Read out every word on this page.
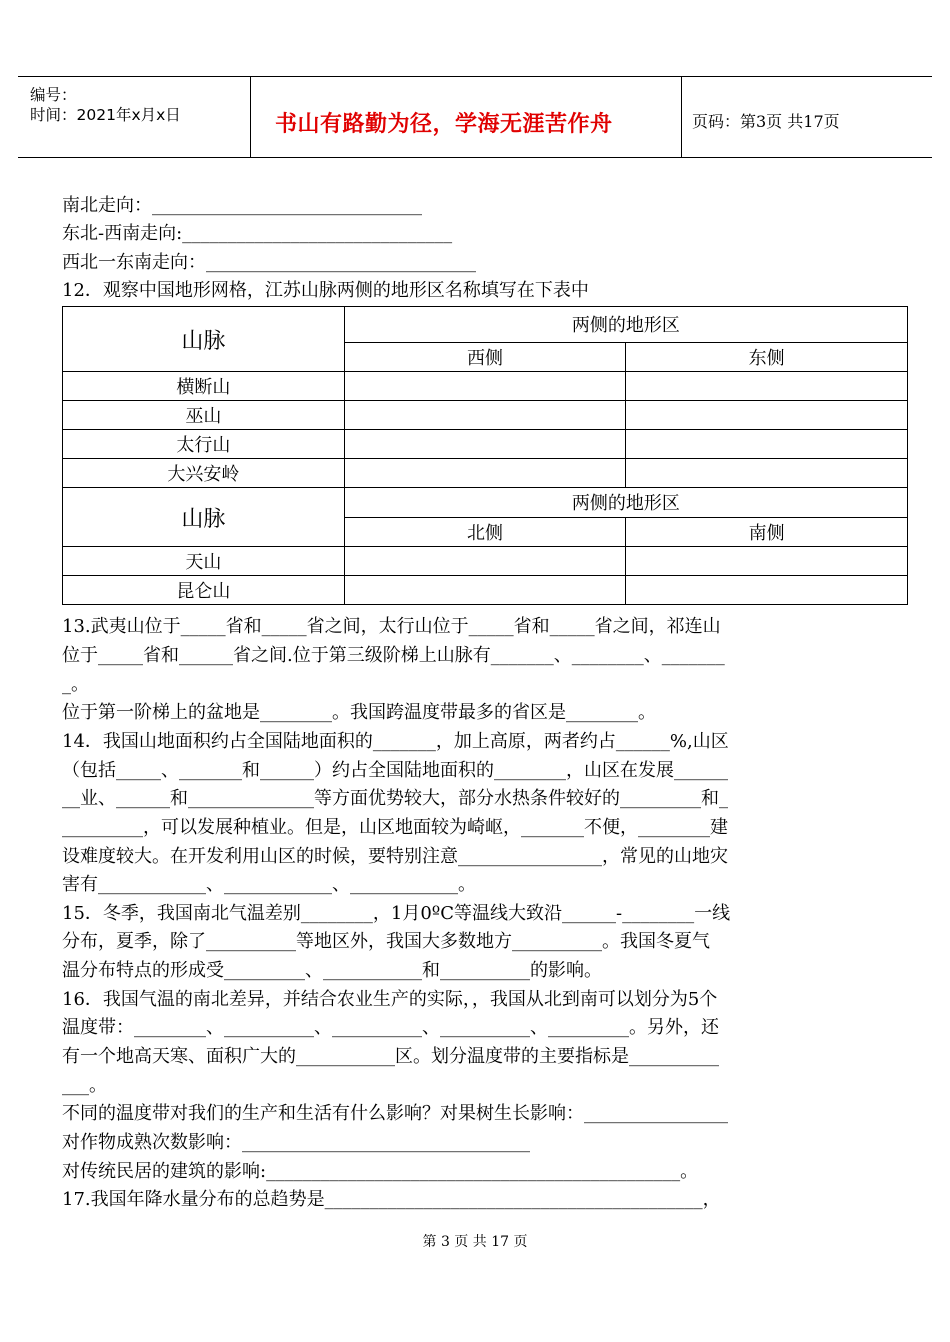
编号：
时间：2021年x月x日	书山有路勤为径，学海无涯苦作舟	页码：第3页 共17页
南北走向：______________________________
东北-西南走向:______________________________
西北一东南走向：______________________________
12．观察中国地形网格，江苏山脉两侧的地形区名称填写在下表中
山脉	两侧的地形区	
	西侧	东侧
横断山		
巫山		
太行山		
大兴安岭		
山脉	两侧的地形区	
	北侧	南侧
天山		
昆仑山		
13.武夷山位于_____省和_____省之间，太行山位于_____省和_____省之间，祁连山
位于_____省和______省之间.位于第三级阶梯上山脉有_______、________、_______
_。
位于第一阶梯上的盆地是________。我国跨温度带最多的省区是________。
14．我国山地面积约占全国陆地面积的_______，加上高原，两者约占______%,山区
（包括_____、_______和______）约占全国陆地面积的________，山区在发展______
__业、______和______________等方面优势较大，部分水热条件较好的_________和_
_________，可以发展种植业。但是，山区地面较为崎岖，_______不便，________建
设难度较大。在开发利用山区的时候，要特别注意________________，常见的山地灾
害有____________、____________、____________。
15．冬季，我国南北气温差别________，1月0ºC等温线大致沿______-________一线
分布，夏季，除了__________等地区外，我国大多数地方__________。我国冬夏气
温分布特点的形成受_________、___________和__________的影响。
16．我国气温的南北差异，并结合农业生产的实际，，我国从北到南可以划分为5个
温度带：________、__________、__________、__________、_________。另外，还
有一个地高天寒、面积广大的___________区。划分温度带的主要指标是__________
___。
不同的温度带对我们的生产和生活有什么影响？对果树生长影响：________________
对作物成熟次数影响：________________________________
对传统民居的建筑的影响:______________________________________________。
17.我国年降水量分布的总趋势是__________________________________________，
第 3 页 共 17 页
